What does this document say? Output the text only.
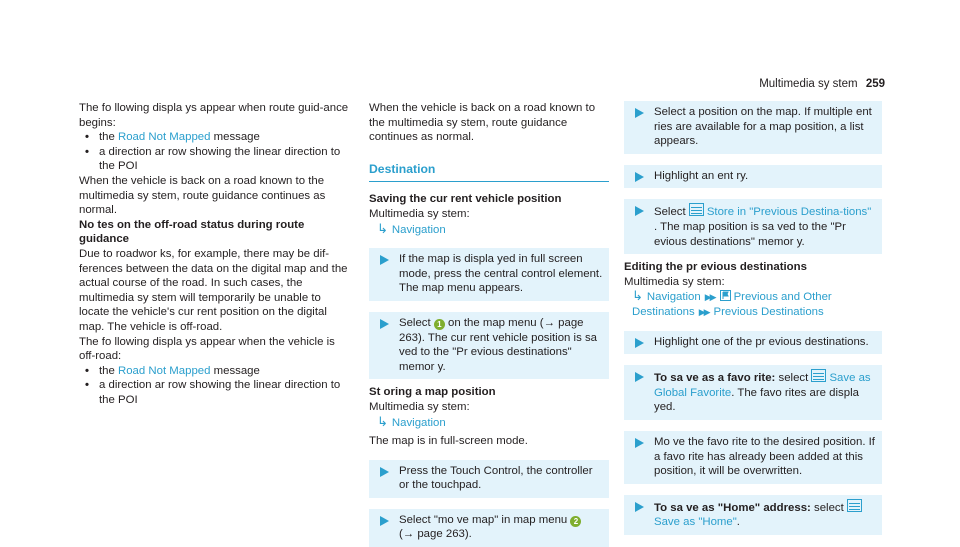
Multimedia sy stem 259

The fo llowing displa ys appear when route guid-ance begins:

• the Road Not Mapped message
• a direction ar row showing the linear direction to the POI

When the vehicle is back on a road known to the multimedia sy stem, route guidance continues as normal.

No tes on the off-road status during route guidance

Due to roadwor ks, for example, there may be dif-ferences between the data on the digital map and the actual course of the road. In such cases, the multimedia sy stem will temporarily be unable to locate the vehicle's cur rent position on the digital map. The vehicle is off-road.

The fo llowing displa ys appear when the vehicle is off-road:

• the Road Not Mapped message
• a direction ar row showing the linear direction to the POI

When the vehicle is back on a road known to the multimedia sy stem, route guidance continues as normal.

Destination

Saving the cur rent vehicle position

Multimedia sy stem:

↳ Navigation
If the map is displa yed in full screen mode, press the central control element. The map menu appears.
Select 1 on the map menu (→ page 263). The cur rent vehicle position is sa ved to the "Pr evious destinations" memor y.

St oring a map position

Multimedia sy stem:

↳ Navigation

The map is in full-screen mode.

Press the Touch Control, the controller or the touchpad.
Select "mo ve map" in map menu 2
(→ page 263).
Select a position on the map. If multiple ent ries are available for a map position, a list appears.
Highlight an ent ry.
Select Store in "Previous Destina-tions" . The map position is sa ved to the "Pr evious destinations" memor y.

Editing the pr evious destinations

Multimedia sy stem:

↳ Navigation ▶▶ Previous and Other Destinations ▶▶ Previous Destinations
Highlight one of the pr evious destinations.
To sa ve as a favo rite: select Save as Global Favorite. The favo rites are displa yed.
Mo ve the favo rite to the desired position. If a favo rite has already been added at this position, it will be overwritten.
To sa ve as "Home" address: select
Save as "Home".
